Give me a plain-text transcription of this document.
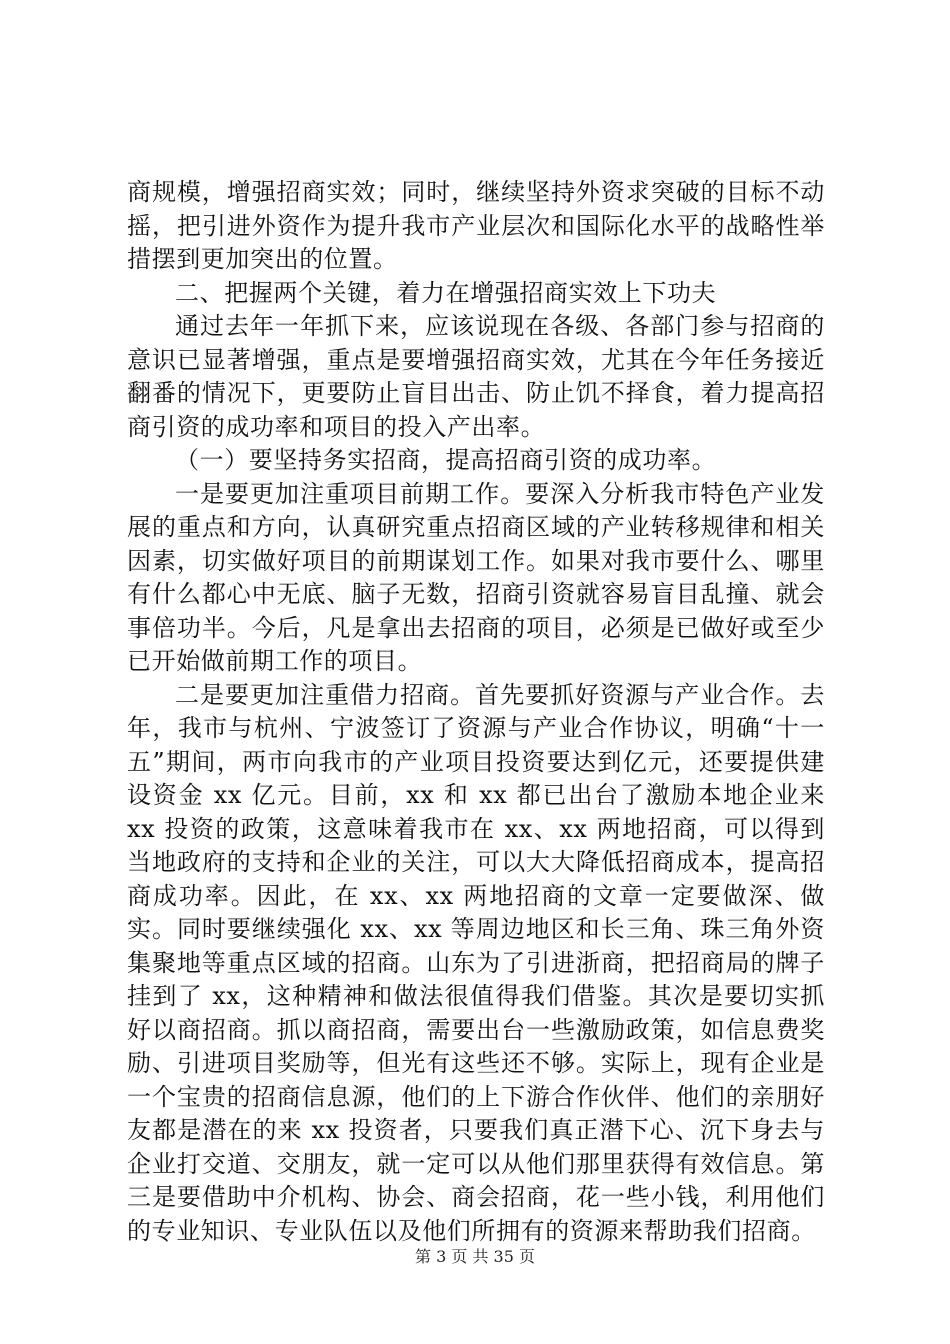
商规模，增强招商实效；同时，继续坚持外资求突破的目标不动摇，把引进外资作为提升我市产业层次和国际化水平的战略性举措摆到更加突出的位置。

二、把握两个关键，着力在增强招商实效上下功夫

通过去年一年抓下来，应该说现在各级、各部门参与招商的意识已显著增强，重点是要增强招商实效，尤其在今年任务接近翻番的情况下，更要防止盲目出击、防止饥不择食，着力提高招商引资的成功率和项目的投入产出率。

（一）要坚持务实招商，提高招商引资的成功率。

一是要更加注重项目前期工作。要深入分析我市特色产业发展的重点和方向，认真研究重点招商区域的产业转移规律和相关因素，切实做好项目的前期谋划工作。如果对我市要什么、哪里有什么都心中无底、脑子无数，招商引资就容易盲目乱撞、就会事倍功半。今后，凡是拿出去招商的项目，必须是已做好或至少已开始做前期工作的项目。

二是要更加注重借力招商。首先要抓好资源与产业合作。去年，我市与杭州、宁波签订了资源与产业合作协议，明确“十一五”期间，两市向我市的产业项目投资要达到亿元，还要提供建设资金 xx 亿元。目前，xx 和 xx 都已出台了激励本地企业来 xx 投资的政策，这意味着我市在 xx、xx 两地招商，可以得到当地政府的支持和企业的关注，可以大大降低招商成本，提高招商成功率。因此，在 xx、xx 两地招商的文章一定要做深、做实。同时要继续强化 xx、xx 等周边地区和长三角、珠三角外资集聚地等重点区域的招商。山东为了引进浙商，把招商局的牌子挂到了 xx，这种精神和做法很值得我们借鉴。其次是要切实抓好以商招商。抓以商招商，需要出台一些激励政策，如信息费奖励、引进项目奖励等，但光有这些还不够。实际上，现有企业是一个宝贵的招商信息源，他们的上下游合作伙伴、他们的亲朋好友都是潜在的来 xx 投资者，只要我们真正潜下心、沉下身去与企业打交道、交朋友，就一定可以从他们那里获得有效信息。第三是要借助中介机构、协会、商会招商，花一些小钱，利用他们的专业知识、专业队伍以及他们所拥有的资源来帮助我们招商。

第 3 页 共 35 页
